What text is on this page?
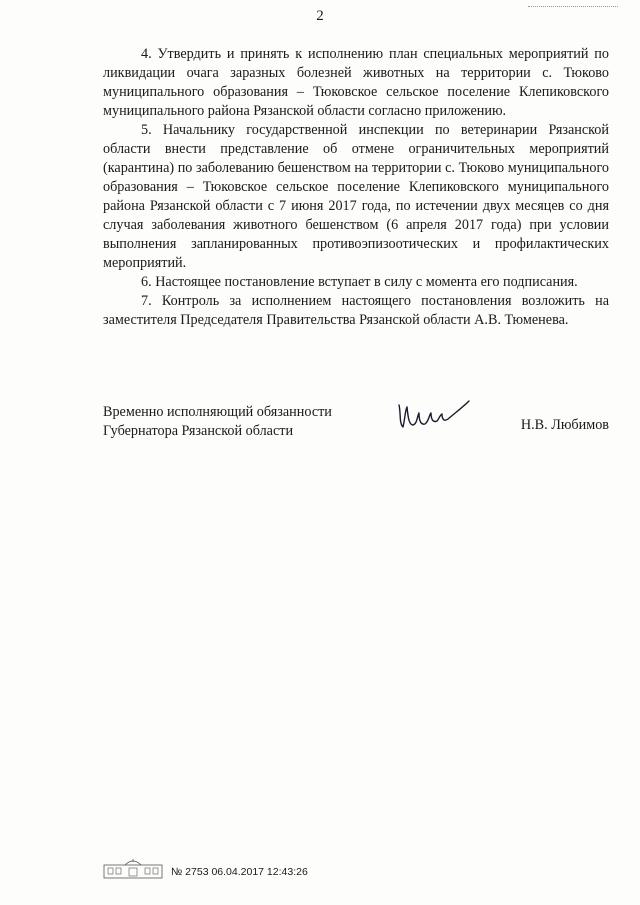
2

4. Утвердить и принять к исполнению план специальных мероприятий по ликвидации очага заразных болезней животных на территории с. Тюково муниципального образования – Тюковское сельское поселение Клепиковского муниципального района Рязанской области согласно приложению.

5. Начальнику государственной инспекции по ветеринарии Рязанской области внести представление об отмене ограничительных мероприятий (карантина) по заболеванию бешенством на территории с. Тюково муниципального образования – Тюковское сельское поселение Клепиковского муниципального района Рязанской области с 7 июня 2017 года, по истечении двух месяцев со дня случая заболевания животного бешенством (6 апреля 2017 года) при условии выполнения запланированных противоэпизоотических и профилактических мероприятий.

6. Настоящее постановление вступает в силу с момента его подписания.

7. Контроль за исполнением настоящего постановления возложить на заместителя Председателя Правительства Рязанской области А.В. Тюменева.

Временно исполняющий обязанности
Губернатора Рязанской области	Н.В. Любимов
№ 2753 06.04.2017 12:43:26
